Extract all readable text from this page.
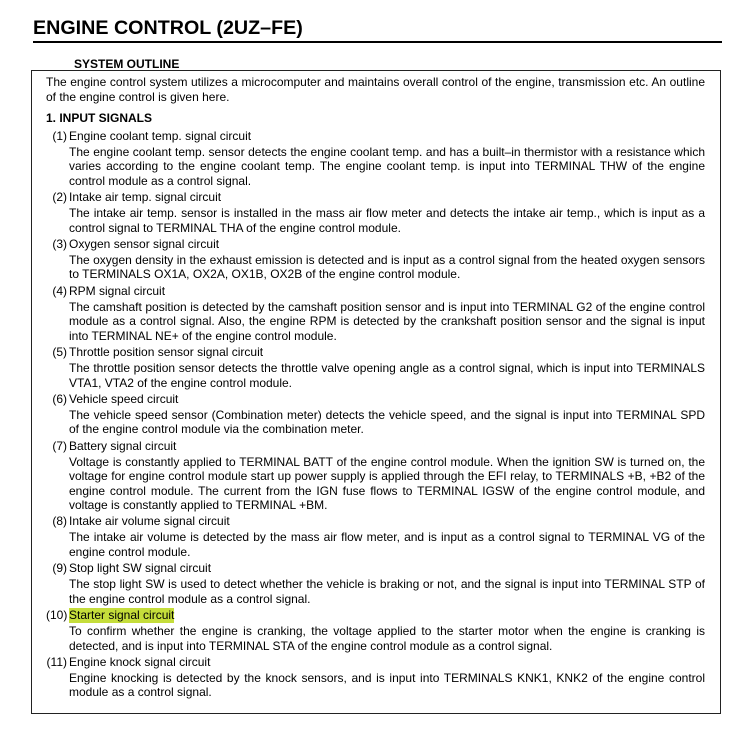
ENGINE CONTROL (2UZ–FE)
SYSTEM OUTLINE
The engine control system utilizes a microcomputer and maintains overall control of the engine, transmission etc. An outline
of the engine control is given here.
1. INPUT SIGNALS
(1) Engine coolant temp. signal circuit
The engine coolant temp. sensor detects the engine coolant temp. and has a built–in thermistor with a resistance which
varies according to the engine coolant temp. The engine coolant temp. is input into TERMINAL THW of the engine
control module as a control signal.
(2) Intake air temp. signal circuit
The intake air temp. sensor is installed in the mass air flow meter and detects the intake air temp., which is input as a
control signal to TERMINAL THA of the engine control module.
(3) Oxygen sensor signal circuit
The oxygen density in the exhaust emission is detected and is input as a control signal from the heated oxygen sensors
to TERMINALS OX1A, OX2A, OX1B, OX2B of the engine control module.
(4) RPM signal circuit
The camshaft position is detected by the camshaft position sensor and is input into TERMINAL G2 of the engine control
module as a control signal. Also, the engine RPM is detected by the crankshaft position sensor and the signal is input
into TERMINAL NE+ of the engine control module.
(5) Throttle position sensor signal circuit
The throttle position sensor detects the throttle valve opening angle as a control signal, which is input into TERMINALS
VTA1, VTA2 of the engine control module.
(6) Vehicle speed circuit
The vehicle speed sensor (Combination meter) detects the vehicle speed, and the signal is input into TERMINAL SPD
of the engine control module via the combination meter.
(7) Battery signal circuit
Voltage is constantly applied to TERMINAL BATT of the engine control module. When the ignition SW is turned on, the
voltage for engine control module start up power supply is applied through the EFI relay, to TERMINALS +B, +B2 of the
engine control module. The current from the IGN fuse flows to TERMINAL IGSW of the engine control module, and
voltage is constantly applied to TERMINAL +BM.
(8) Intake air volume signal circuit
The intake air volume is detected by the mass air flow meter, and is input as a control signal to TERMINAL VG of the
engine control module.
(9) Stop light SW signal circuit
The stop light SW is used to detect whether the vehicle is braking or not, and the signal is input into TERMINAL STP of
the engine control module as a control signal.
(10) Starter signal circuit
To confirm whether the engine is cranking, the voltage applied to the starter motor when the engine is cranking is
detected, and is input into TERMINAL STA of the engine control module as a control signal.
(11) Engine knock signal circuit
Engine knocking is detected by the knock sensors, and is input into TERMINALS KNK1, KNK2 of the engine control
module as a control signal.
